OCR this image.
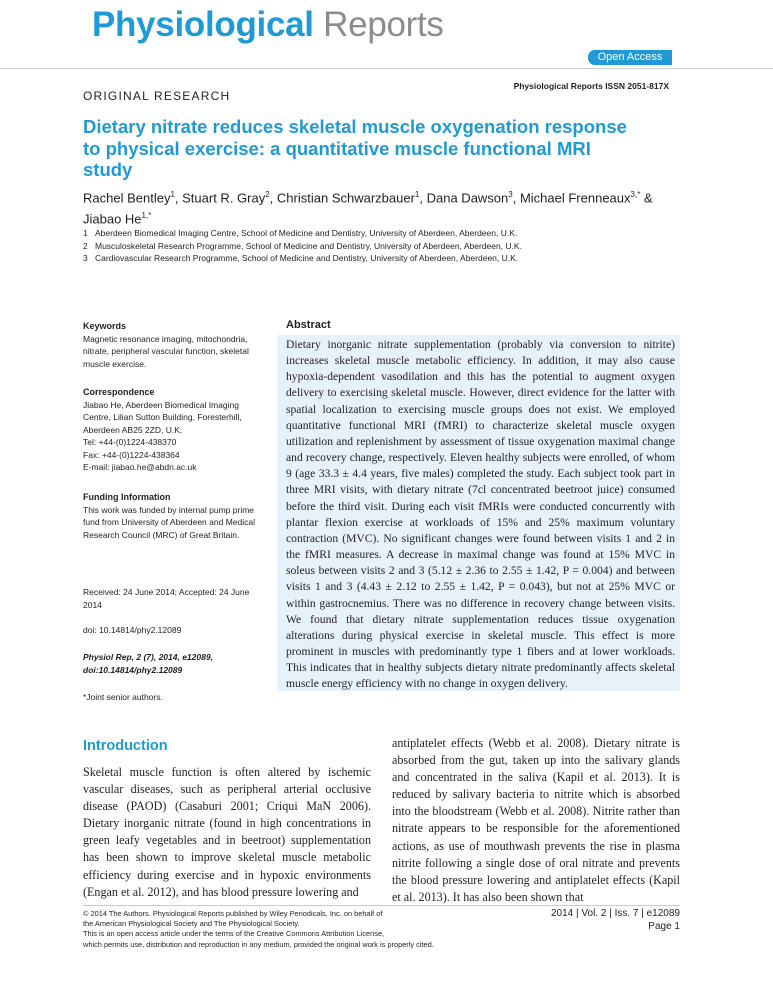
Physiological Reports
Open Access
Physiological Reports ISSN 2051-817X
ORIGINAL RESEARCH
Dietary nitrate reduces skeletal muscle oxygenation response to physical exercise: a quantitative muscle functional MRI study
Rachel Bentley$^1$, Stuart R. Gray$^2$, Christian Schwarzbauer$^1$, Dana Dawson$^3$, Michael Frenneaux$^{3,*}$ & Jiabao $He^{1,*}$
1 Aberdeen Biomedical Imaging Centre, School of Medicine and Dentistry, University of Aberdeen, Aberdeen, U.K.
2 Musculoskeletal Research Programme, School of Medicine and Dentistry, University of Aberdeen, Aberdeen, U.K.
3 Cardiovascular Research Programme, School of Medicine and Dentistry, University of Aberdeen, Aberdeen, U.K.
Keywords
Magnetic resonance imaging, mitochondria, nitrate, peripheral vascular function, skeletal muscle exercise.
Correspondence
Jiabao He, Aberdeen Biomedical Imaging
Centre, Lilian Sutton Building, Foresterhill,
Aberdeen AB25 2ZD, U.K.
Tel: +44-(0)1224-438370
Fax: +44-(0)1224-438364
E-mail: jiabao.he@abdn.ac.uk
Funding Information
This work was funded by internal pump prime fund from University of Aberdeen and Medical Research Council (MRC) of Great Britain.
Received: 24 June 2014; Accepted: 24 June 2014
doi: 10.14814/phy2.12089
Physiol Rep, 2 (7), 2014, e12089, doi:10.14814/phy2.12089
*Joint senior authors.
Abstract

Dietary inorganic nitrate supplementation (probably via conversion to nitrite) increases skeletal muscle metabolic efficiency. In addition, it may also cause hypoxia-dependent vasodilation and this has the potential to augment oxygen delivery to exercising skeletal muscle. However, direct evidence for the latter with spatial localization to exercising muscle groups does not exist. We employed quantitative functional MRI (fMRI) to characterize skeletal muscle oxygen utilization and replenishment by assessment of tissue oxygenation maximal change and recovery change, respectively. Eleven healthy subjects were enrolled, of whom 9 (age 33.3 ± 4.4 years, five males) completed the study. Each subject took part in three MRI visits, with dietary nitrate (7cl concentrated beetroot juice) consumed before the third visit. During each visit fMRIs were conducted concurrently with plantar flexion exercise at workloads of 15% and 25% maximum voluntary contraction (MVC). No significant changes were found between visits 1 and 2 in the fMRI measures. A decrease in maximal change was found at 15% MVC in soleus between visits 2 and 3 (5.12 ± 2.36 to 2.55 ± 1.42, P = 0.004) and between visits 1 and 3 (4.43 ± 2.12 to 2.55 ± 1.42, P = 0.043), but not at 25% MVC or within gastrocnemius. There was no difference in recovery change between visits. We found that dietary nitrate supplementation reduces tissue oxygenation alterations during physical exercise in skeletal muscle. This effect is more prominent in muscles with predominantly type 1 fibers and at lower workloads. This indicates that in healthy subjects dietary nitrate predominantly affects skeletal muscle energy efficiency with no change in oxygen delivery.

Introduction

Skeletal muscle function is often altered by ischemic vascular diseases, such as peripheral arterial occlusive disease (PAOD) (Casaburi 2001; Criqui MaN 2006). Dietary inorganic nitrate (found in high concentrations in green leafy vegetables and in beetroot) supplementation has been shown to improve skeletal muscle metabolic efficiency during exercise and in hypoxic environments (Engan et al. 2012), and has blood pressure lowering and

antiplatelet effects (Webb et al. 2008). Dietary nitrate is absorbed from the gut, taken up into the salivary glands and concentrated in the saliva (Kapil et al. 2013). It is reduced by salivary bacteria to nitrite which is absorbed into the bloodstream (Webb et al. 2008). Nitrite rather than nitrate appears to be responsible for the aforementioned actions, as use of mouthwash prevents the rise in plasma nitrite following a single dose of oral nitrate and prevents the blood pressure lowering and antiplatelet effects (Kapil et al. 2013). It has also been shown that

© 2014 The Authors. Physiological Reports published by Wiley Periodicals, Inc. on behalf of
the American Physiological Society and The Physiological Society.
This is an open access article under the terms of the Creative Commons Attribution License,
which permits use, distribution and reproduction in any medium, provided the original work is properly cited.
2014 | Vol. 2 | Iss. 7 | e12089
Page 1
